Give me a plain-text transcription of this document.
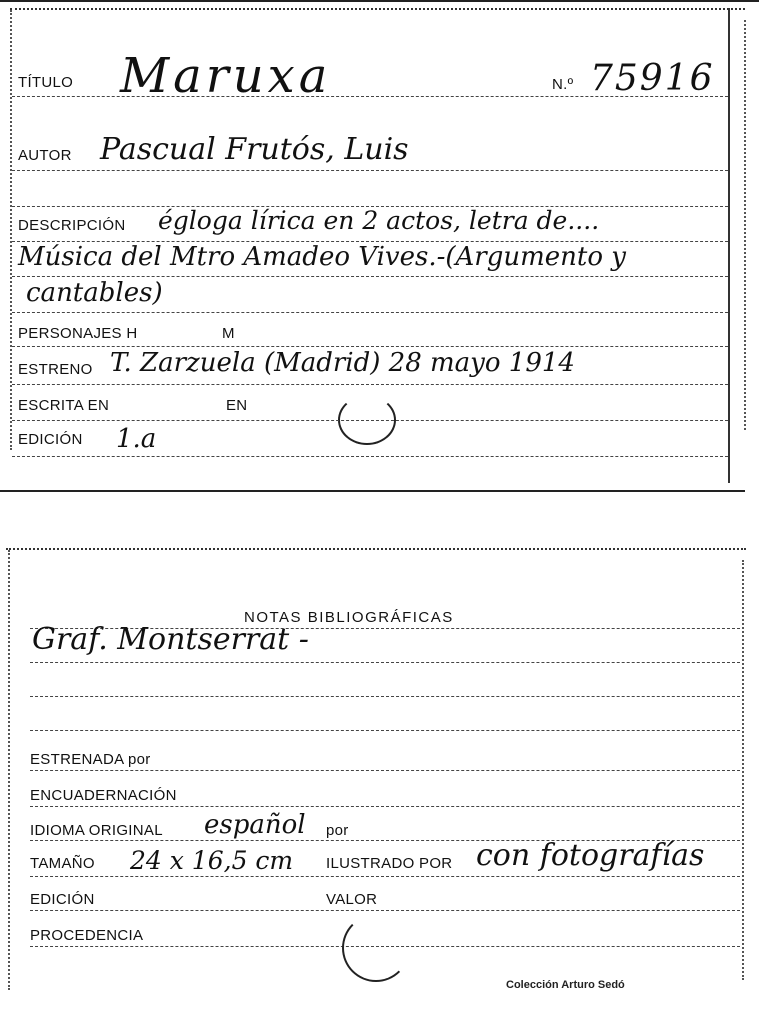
TÍTULO Maruxa	N.º 75916
AUTOR Pascual Frutós, Luis
DESCRIPCIÓN égloga lírica en 2 actos, letra de....
Música del Mtro Amadeo Vives.-(Argumento y
cantables)
PERSONAJES H	M
ESTRENO T. Zarzuela (Madrid) 28 mayo 1914
ESCRITA EN	EN
EDICIÓN 1.a
NOTAS BIBLIOGRÁFICAS
Graf. Montserrat -
ESTRENADA por
ENCUADERNACIÓN
IDIOMA ORIGINAL español por
TAMAÑO 24 x 16,5 cm ILUSTRADO POR con fotografías
EDICIÓN	VALOR
PROCEDENCIA
Colección Arturo Sedó
